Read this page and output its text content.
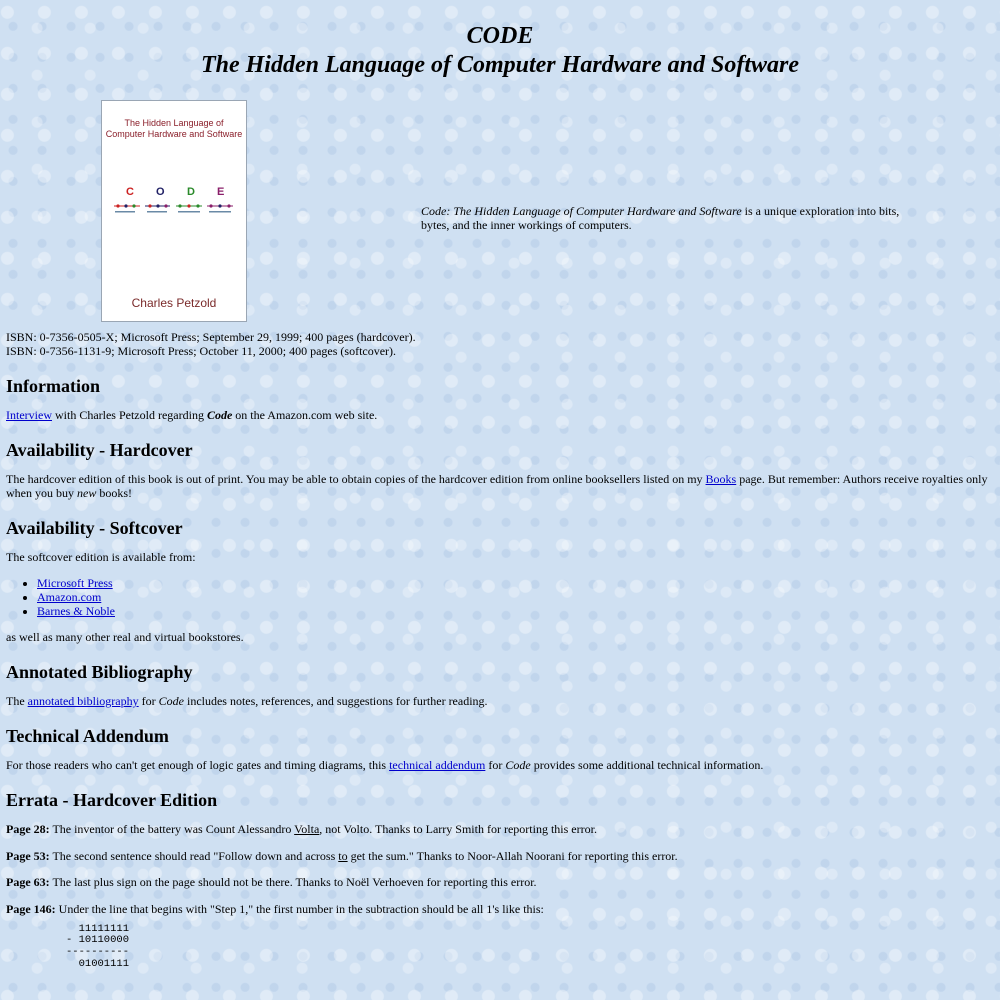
CODE
The Hidden Language of Computer Hardware and Software
The Hidden Language of
Computer Hardware and Software
C O D E
Charles Petzold
Code: The Hidden Language of Computer Hardware and Software is a unique exploration into bits, bytes, and the inner workings of computers.
ISBN: 0-7356-0505-X; Microsoft Press; September 29, 1999; 400 pages (hardcover).
ISBN: 0-7356-1131-9; Microsoft Press; October 11, 2000; 400 pages (softcover).
Information

Interview with Charles Petzold regarding Code on the Amazon.com web site.

Availability - Hardcover

The hardcover edition of this book is out of print. You may be able to obtain copies of the hardcover edition from online booksellers listed on my Books page. But remember: Authors receive royalties only when you buy new books!

Availability - Softcover

The softcover edition is available from:

• Microsoft Press
• Amazon.com
• Barnes & Noble

as well as many other real and virtual bookstores.

Annotated Bibliography

The annotated bibliography for Code includes notes, references, and suggestions for further reading.

Technical Addendum

For those readers who can't get enough of logic gates and timing diagrams, this technical addendum for Code provides some additional technical information.

Errata - Hardcover Edition

Page 28: The inventor of the battery was Count Alessandro Volta, not Volto. Thanks to Larry Smith for reporting this error.

Page 53: The second sentence should read "Follow down and across to get the sum." Thanks to Noor-Allah Noorani for reporting this error.

Page 63: The last plus sign on the page should not be there. Thanks to Noël Verhoeven for reporting this error.

Page 146: Under the line that begins with "Step 1," the first number in the subtraction should be all 1's like this:

11111111
- 10110000
----------
01001111
